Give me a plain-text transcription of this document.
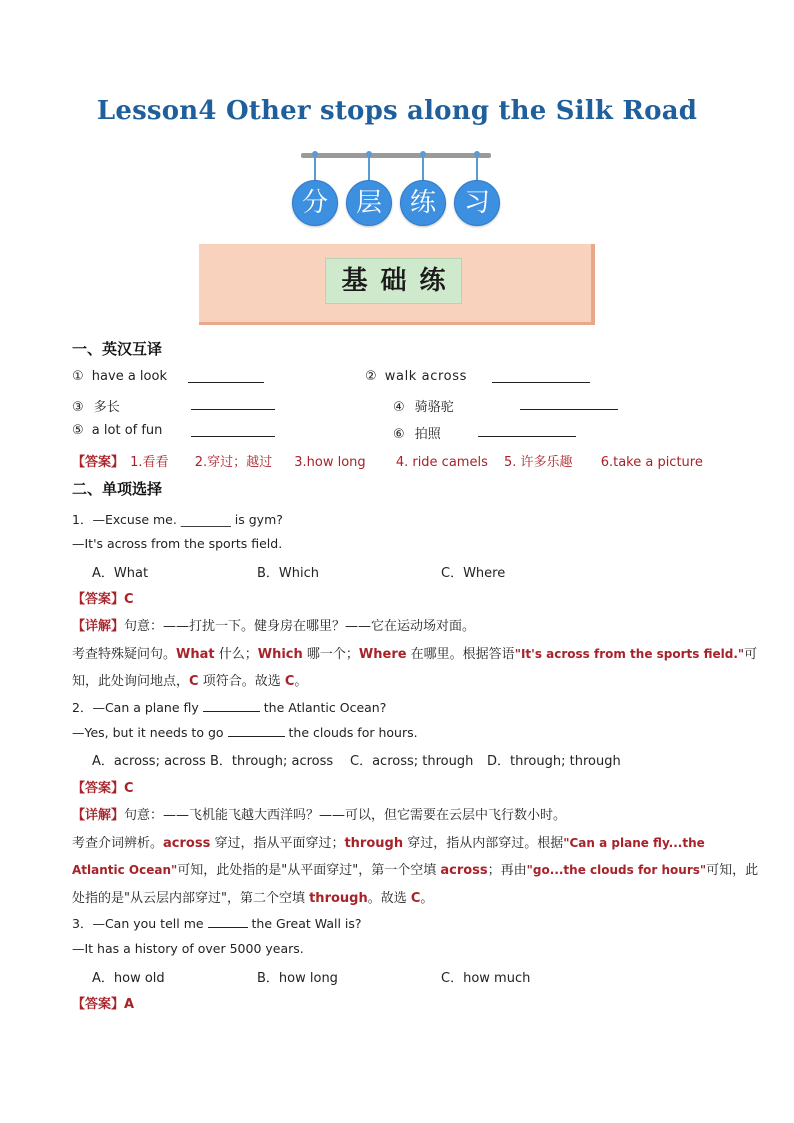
Lesson4 Other stops along the Silk Road
分	层	练	习
基础练
一、英汉互译
① have a look	② walk across
③ 多长	④ 骑骆驼
⑤ a lot of fun	⑥ 拍照
【答案】 1.看看 2.穿过；越过 3.how long 4. ride camels 5. 许多乐趣 6.take a picture
二、单项选择
1．—Excuse me. ________ is gym?
—It's across from the sports field.
A．What	B．Which	C．Where
【答案】C
【详解】句意：——打扰一下。健身房在哪里？——它在运动场对面。
考查特殊疑问句。What 什么；Which 哪一个；Where 在哪里。根据答语"It's across from the sports field."可
知，此处询问地点，C 项符合。故选 C。
2．—Can a plane fly	the Atlantic Ocean?
—Yes, but it needs to go	the clouds for hours.
A．across; across B．through; across C．across; through D．through; through
【答案】C
【详解】句意：——飞机能飞越大西洋吗？——可以，但它需要在云层中飞行数小时。
考查介词辨析。across 穿过，指从平面穿过；through 穿过，指从内部穿过。根据"Can a plane fly...the
Atlantic Ocean"可知，此处指的是"从平面穿过"，第一个空填 across；再由"go...the clouds for hours"可知，此
处指的是"从云层内部穿过"，第二个空填 through。故选 C。
3．—Can you tell me	the Great Wall is?
—It has a history of over 5000 years.
A．how old	B．how long	C．how much
【答案】A
